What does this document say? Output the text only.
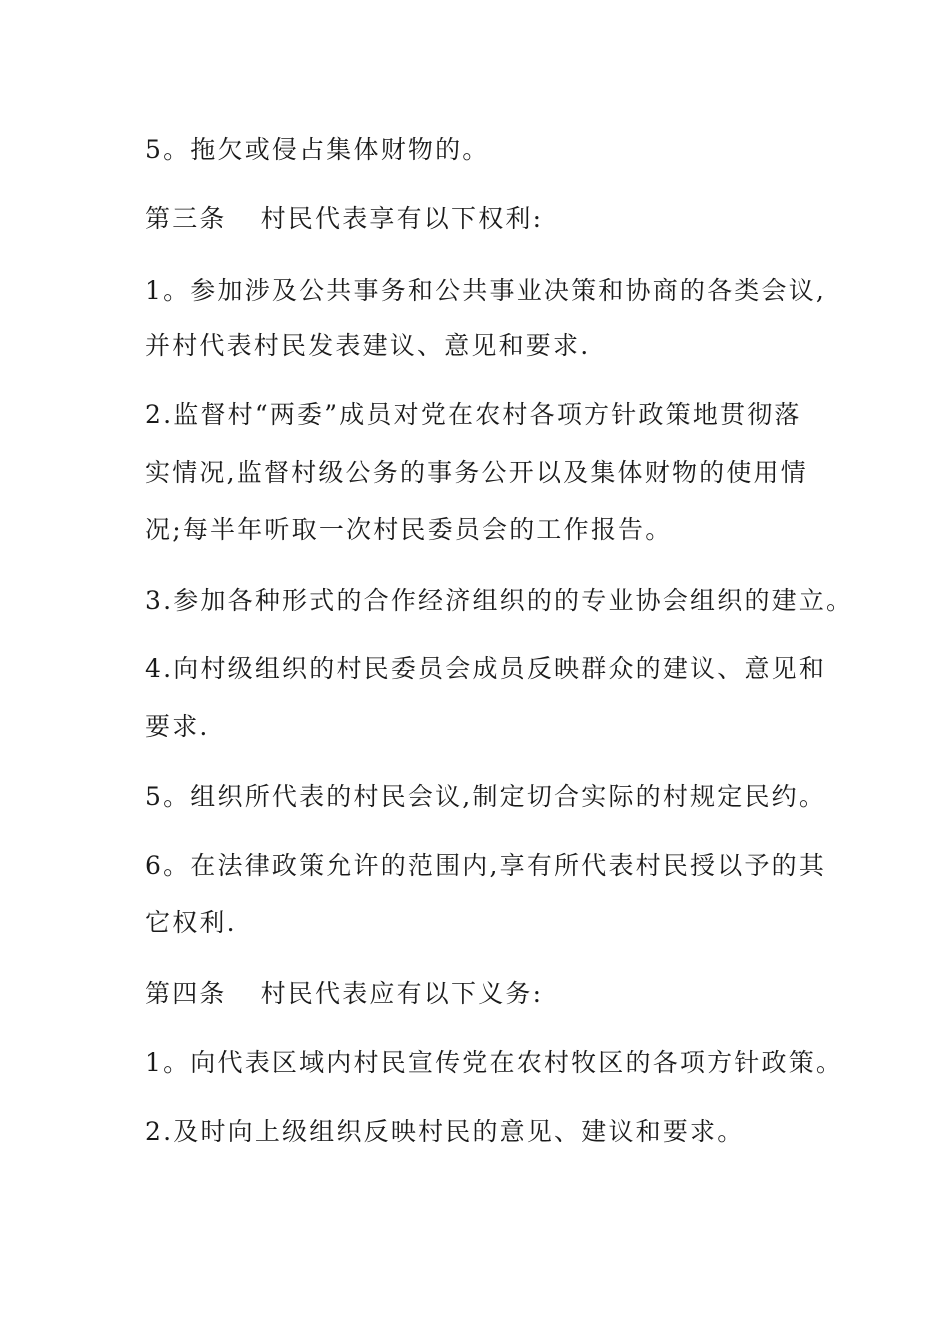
5。拖欠或侵占集体财物的。
第三条 村民代表享有以下权利:
1。参加涉及公共事务和公共事业决策和协商的各类会议,
并村代表村民发表建议、意见和要求.
2.监督村“两委”成员对党在农村各项方针政策地贯彻落
实情况,监督村级公务的事务公开以及集体财物的使用情
况;每半年听取一次村民委员会的工作报告。
3.参加各种形式的合作经济组织的的专业协会组织的建立。
4.向村级组织的村民委员会成员反映群众的建议、意见和
要求.
5。组织所代表的村民会议,制定切合实际的村规定民约。
6。在法律政策允许的范围内,享有所代表村民授以予的其
它权利.
第四条 村民代表应有以下义务:
1。向代表区域内村民宣传党在农村牧区的各项方针政策。
2.及时向上级组织反映村民的意见、建议和要求。
